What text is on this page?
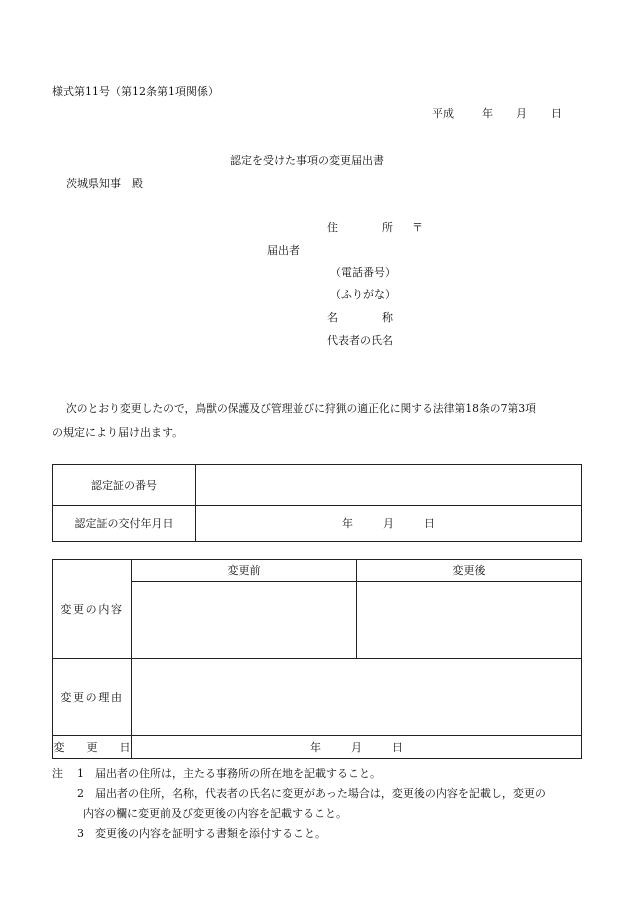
様式第11号（第12条第1項関係）
平成	年 月 日
認定を受けた事項の変更届出書
茨城県知事　殿
住　　　　所 〒
届出者
（電話番号）
（ふりがな）
名　　　　称
代表者の氏名
次のとおり変更したので，鳥獣の保護及び管理並びに狩猟の適正化に関する法律第18条の7第3項
の規定により届け出ます。
認定証の番号	
認定証の交付年月日	年 月 日
変更の内容	変更前	変更後

変更の理由		
変　　更　　日	年 月 日	
注 1 届出者の住所は，主たる事務所の所在地を記載すること。
2 届出者の住所，名称，代表者の氏名に変更があった場合は，変更後の内容を記載し，変更の

内容の欄に変更前及び変更後の内容を記載すること。

3 変更後の内容を証明する書類を添付すること。
